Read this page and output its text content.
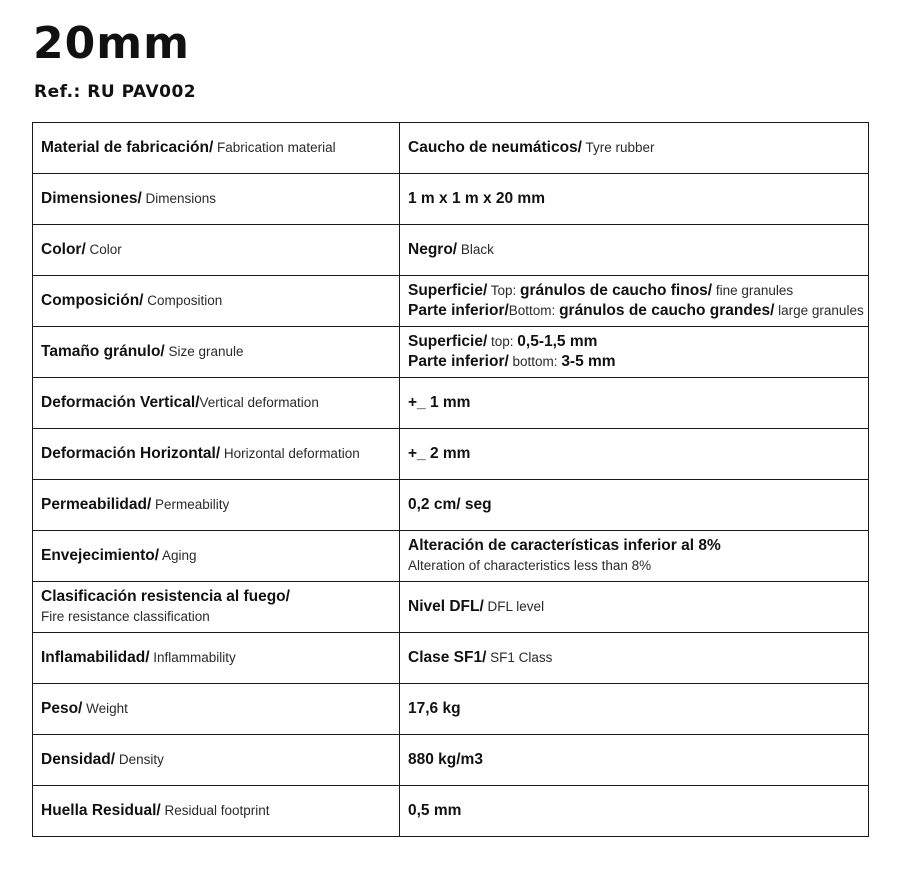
20mm
Ref.: RU PAV002
Material de fabricación/ Fabrication material	Caucho de neumáticos/ Tyre rubber
Dimensiones/ Dimensions	1 m x 1 m x 20 mm
Color/ Color	Negro/ Black
Composición/ Composition	Superficie/ Top: gránulos de caucho finos/ fine granules
Parte inferior/Bottom: gránulos de caucho grandes/ large granules

Tamaño gránulo/ Size granule	Superficie/ top: 0,5-1,5 mm
Parte inferior/ bottom: 3-5 mm

Deformación Vertical/Vertical deformation	+_ 1 mm
Deformación Horizontal/ Horizontal deformation	+_ 2 mm
Permeabilidad/ Permeability	0,2 cm/ seg
Envejecimiento/ Aging	Alteración de características inferior al 8%
Alteration of characteristics less than 8%

Clasificación resistencia al fuego/
Fire resistance classification	Nivel DFL/ DFL level
Inflamabilidad/ Inflammability	Clase SF1/ SF1 Class
Peso/ Weight	17,6 kg
Densidad/ Density	880 kg/m3
Huella Residual/ Residual footprint	0,5 mm
